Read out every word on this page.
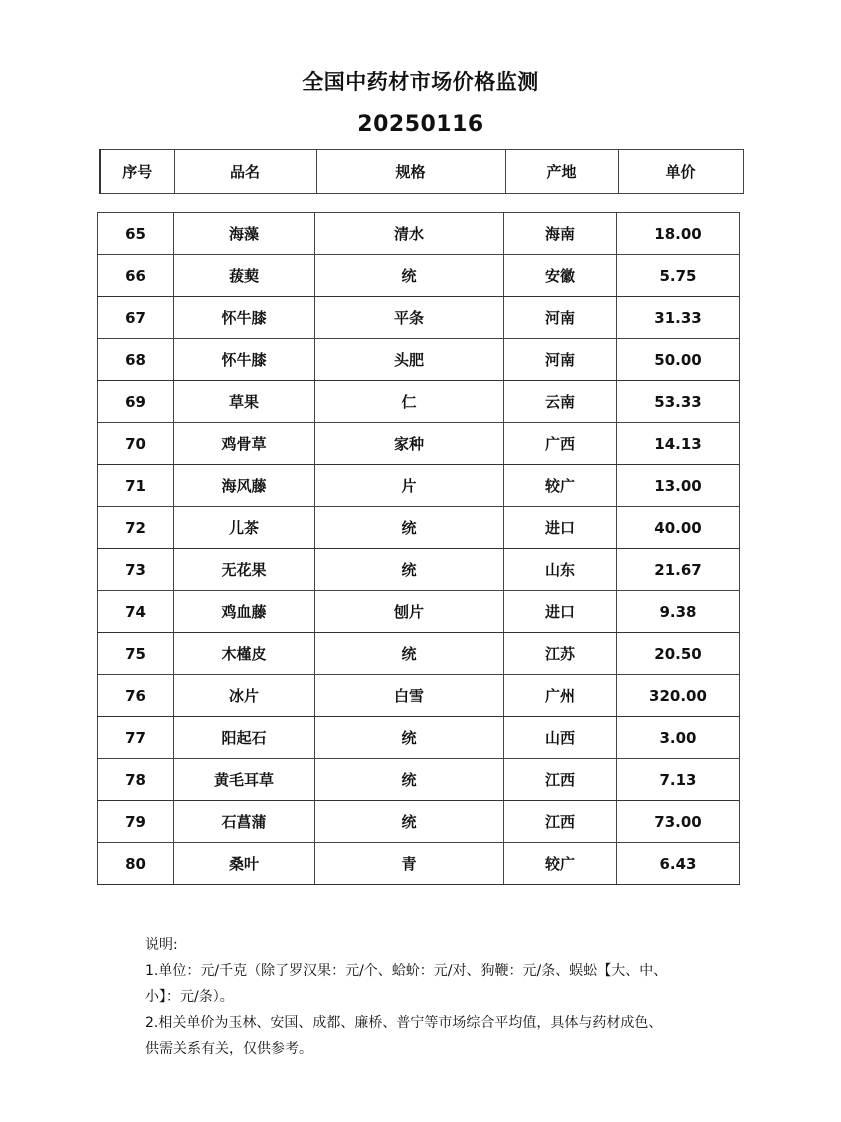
全国中药材市场价格监测
20250116
序号	品名	规格	产地	单价
65	海藻	清水	海南	18.00
66	菝葜	统	安徽	5.75
67	怀牛膝	平条	河南	31.33
68	怀牛膝	头肥	河南	50.00
69	草果	仁	云南	53.33
70	鸡骨草	家种	广西	14.13
71	海风藤	片	较广	13.00
72	儿茶	统	进口	40.00
73	无花果	统	山东	21.67
74	鸡血藤	刨片	进口	9.38
75	木槿皮	统	江苏	20.50
76	冰片	白雪	广州	320.00
77	阳起石	统	山西	3.00
78	黄毛耳草	统	江西	7.13
79	石菖蒲	统	江西	73.00
80	桑叶	青	较广	6.43

说明:

1.单位：元/千克（除了罗汉果：元/个、蛤蚧：元/对、狗鞭：元/条、蜈蚣【大、中、

小】：元/条）。

2.相关单价为玉林、安国、成都、廉桥、普宁等市场综合平均值，具体与药材成色、

供需关系有关，仅供参考。
